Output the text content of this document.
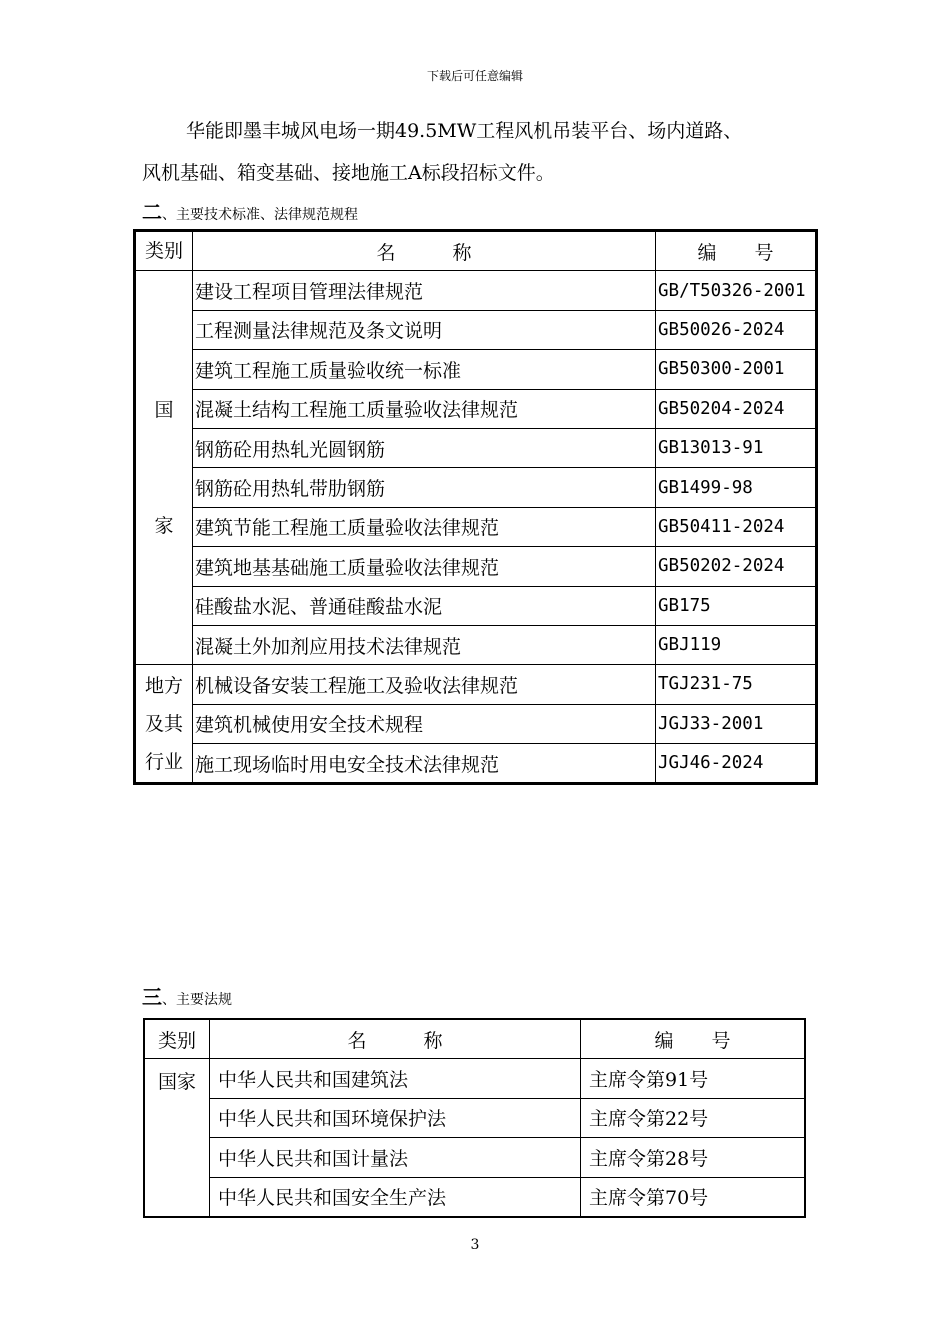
下载后可任意编辑
华能即墨丰城风电场一期49.5MW工程风机吊装平台、场内道路、
风机基础、箱变基础、接地施工A标段招标文件。
二、主要技术标准、法律规范规程
类别	名　　　称	编　　号

国
家	建设工程项目管理法律规范	GB/T50326-2001
	工程测量法律规范及条文说明	GB50026-2024
	建筑工程施工质量验收统一标准	GB50300-2001
	混凝土结构工程施工质量验收法律规范	GB50204-2024
	钢筋砼用热轧光圆钢筋	GB13013-91
	钢筋砼用热轧带肋钢筋	GB1499-98
	建筑节能工程施工质量验收法律规范	GB50411-2024
	建筑地基基础施工质量验收法律规范	GB50202-2024
	硅酸盐水泥、普通硅酸盐水泥	GB175
	混凝土外加剂应用技术法律规范	GBJ119

地方
及其
行业	机械设备安装工程施工及验收法律规范	TGJ231-75
	建筑机械使用安全技术规程	JGJ33-2001
	施工现场临时用电安全技术法律规范	JGJ46-2024
三、主要法规
类别	名　　　称	编　　号
国家	中华人民共和国建筑法	主席令第91号
	中华人民共和国环境保护法	主席令第22号
	中华人民共和国计量法	主席令第28号
	中华人民共和国安全生产法	主席令第70号
3
